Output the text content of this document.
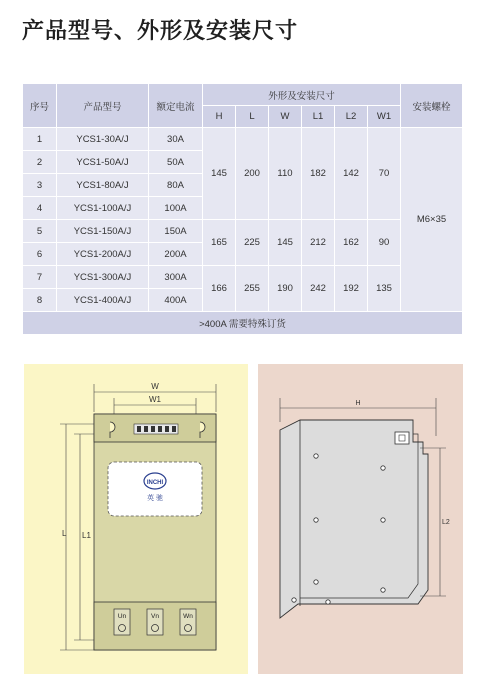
产品型号、外形及安装尺寸
序号	产品型号	额定电流	外形及安装尺寸						安装螺栓
			H	L	W	L1	L2	W1	
1	YCS1-30A/J	30A	145	200	110	182	142	70	M6×35
2	YCS1-50A/J	50A							
3	YCS1-80A/J	80A							
4	YCS1-100A/J	100A							
5	YCS1-150A/J	150A	165	225	145	212	162	90	
6	YCS1-200A/J	200A							
7	YCS1-300A/J	300A	166	255	190	242	192	135	
8	YCS1-400A/J	400A							
>400A 需要特殊订货									
W
W1
L L1
INCHI
英 驰
Un	Vn	Wn
H
L2
